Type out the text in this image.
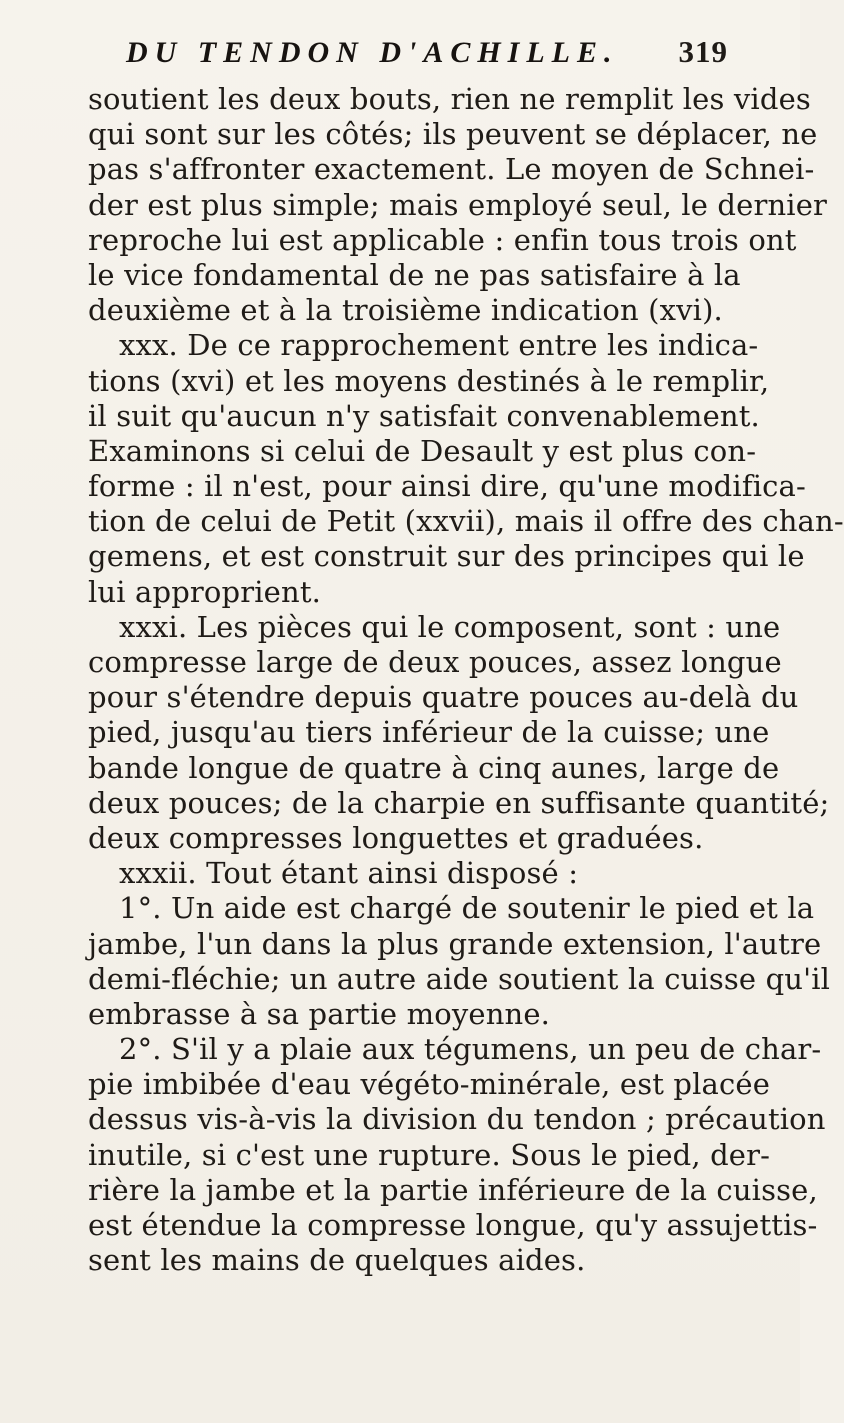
DU TENDON D'ACHILLE. 319
soutient les deux bouts, rien ne remplit les vides
qui sont sur les côtés; ils peuvent se déplacer, ne
pas s'affronter exactement. Le moyen de Schnei-
der est plus simple; mais employé seul, le dernier
reproche lui est applicable : enfin tous trois ont
le vice fondamental de ne pas satisfaire à la
deuxième et à la troisième indication (xvi).
xxx. De ce rapprochement entre les indica-
tions (xvi) et les moyens destinés à le remplir,
il suit qu'aucun n'y satisfait convenablement.
Examinons si celui de Desault y est plus con-
forme : il n'est, pour ainsi dire, qu'une modifica-
tion de celui de Petit (xxvii), mais il offre des chan-
gemens, et est construit sur des principes qui le
lui approprient.
xxxi. Les pièces qui le composent, sont : une
compresse large de deux pouces, assez longue
pour s'étendre depuis quatre pouces au-delà du
pied, jusqu'au tiers inférieur de la cuisse; une
bande longue de quatre à cinq aunes, large de
deux pouces; de la charpie en suffisante quantité;
deux compresses longuettes et graduées.
xxxii. Tout étant ainsi disposé :
1°. Un aide est chargé de soutenir le pied et la
jambe, l'un dans la plus grande extension, l'autre
demi-fléchie; un autre aide soutient la cuisse qu'il
embrasse à sa partie moyenne.
2°. S'il y a plaie aux tégumens, un peu de char-
pie imbibée d'eau végéto-minérale, est placée
dessus vis-à-vis la division du tendon ; précaution
inutile, si c'est une rupture. Sous le pied, der-
rière la jambe et la partie inférieure de la cuisse,
est étendue la compresse longue, qu'y assujettis-
sent les mains de quelques aides.
